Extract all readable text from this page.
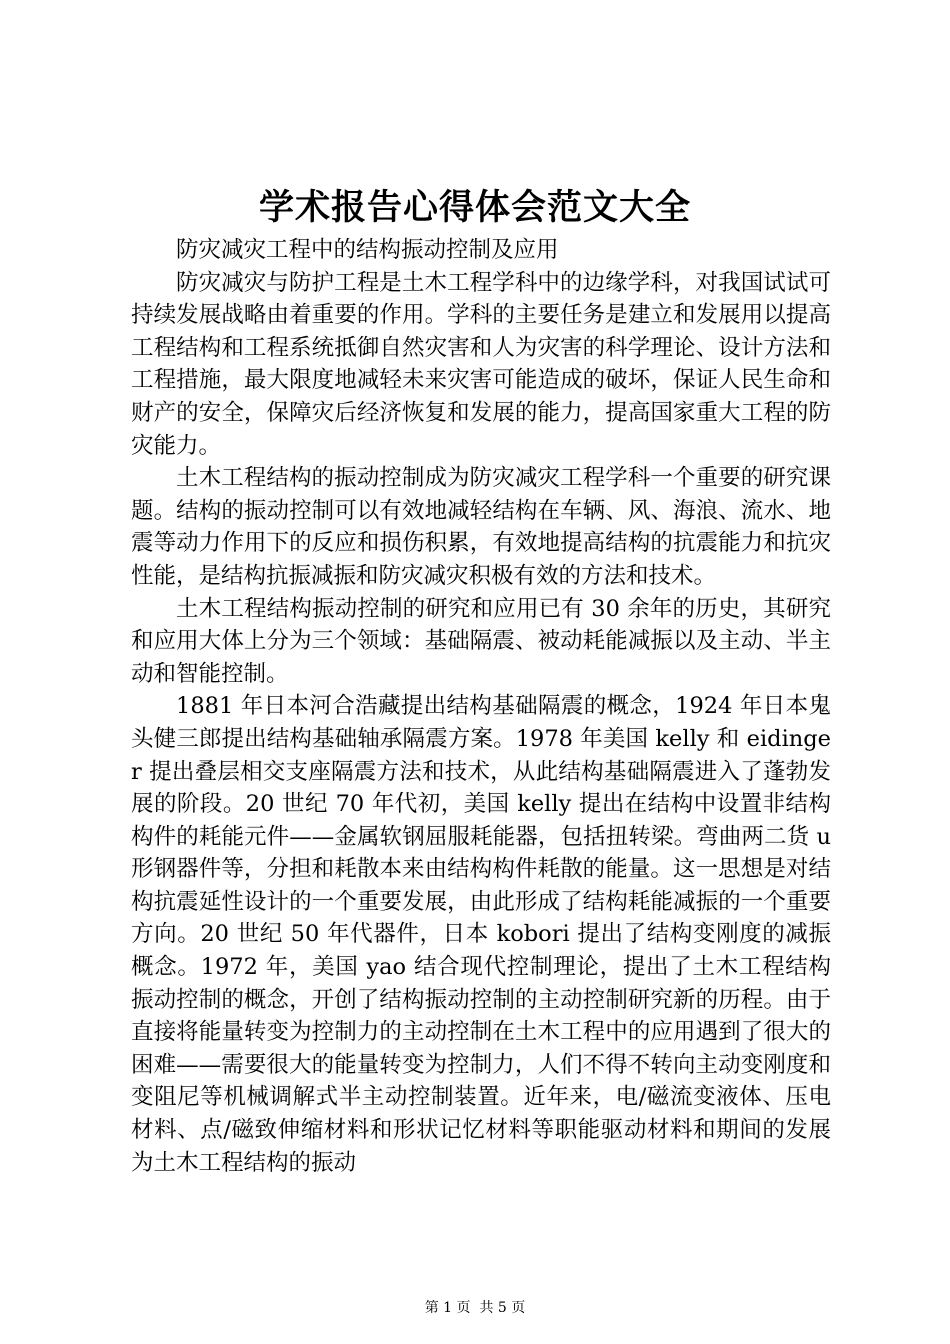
学术报告心得体会范文大全

防灾减灾工程中的结构振动控制及应用

防灾减灾与防护工程是土木工程学科中的边缘学科，对我国试试可持续发展战略由着重要的作用。学科的主要任务是建立和发展用以提高工程结构和工程系统抵御自然灾害和人为灾害的科学理论、设计方法和工程措施，最大限度地减轻未来灾害可能造成的破坏，保证人民生命和财产的安全，保障灾后经济恢复和发展的能力，提高国家重大工程的防灾能力。

土木工程结构的振动控制成为防灾减灾工程学科一个重要的研究课题。结构的振动控制可以有效地减轻结构在车辆、风、海浪、流水、地震等动力作用下的反应和损伤积累，有效地提高结构的抗震能力和抗灾性能，是结构抗振减振和防灾减灾积极有效的方法和技术。

土木工程结构振动控制的研究和应用已有 30 余年的历史，其研究和应用大体上分为三个领域：基础隔震、被动耗能减振以及主动、半主动和智能控制。

1881 年日本河合浩藏提出结构基础隔震的概念，1924 年日本鬼头健三郎提出结构基础轴承隔震方案。1978 年美国 kelly 和 eidinger 提出叠层相交支座隔震方法和技术，从此结构基础隔震进入了蓬勃发展的阶段。20 世纪 70 年代初，美国 kelly 提出在结构中设置非结构构件的耗能元件——金属软钢屈服耗能器，包括扭转梁。弯曲两二货 u 形钢器件等，分担和耗散本来由结构构件耗散的能量。这一思想是对结构抗震延性设计的一个重要发展，由此形成了结构耗能减振的一个重要方向。20 世纪 50 年代器件，日本 kobori 提出了结构变刚度的减振概念。1972 年，美国 yao 结合现代控制理论，提出了土木工程结构振动控制的概念，开创了结构振动控制的主动控制研究新的历程。由于直接将能量转变为控制力的主动控制在土木工程中的应用遇到了很大的困难——需要很大的能量转变为控制力，人们不得不转向主动变刚度和变阻尼等机械调解式半主动控制装置。近年来，电/磁流变液体、压电材料、点/磁致伸缩材料和形状记忆材料等职能驱动材料和期间的发展为土木工程结构的振动

第 1 页 共 5 页
